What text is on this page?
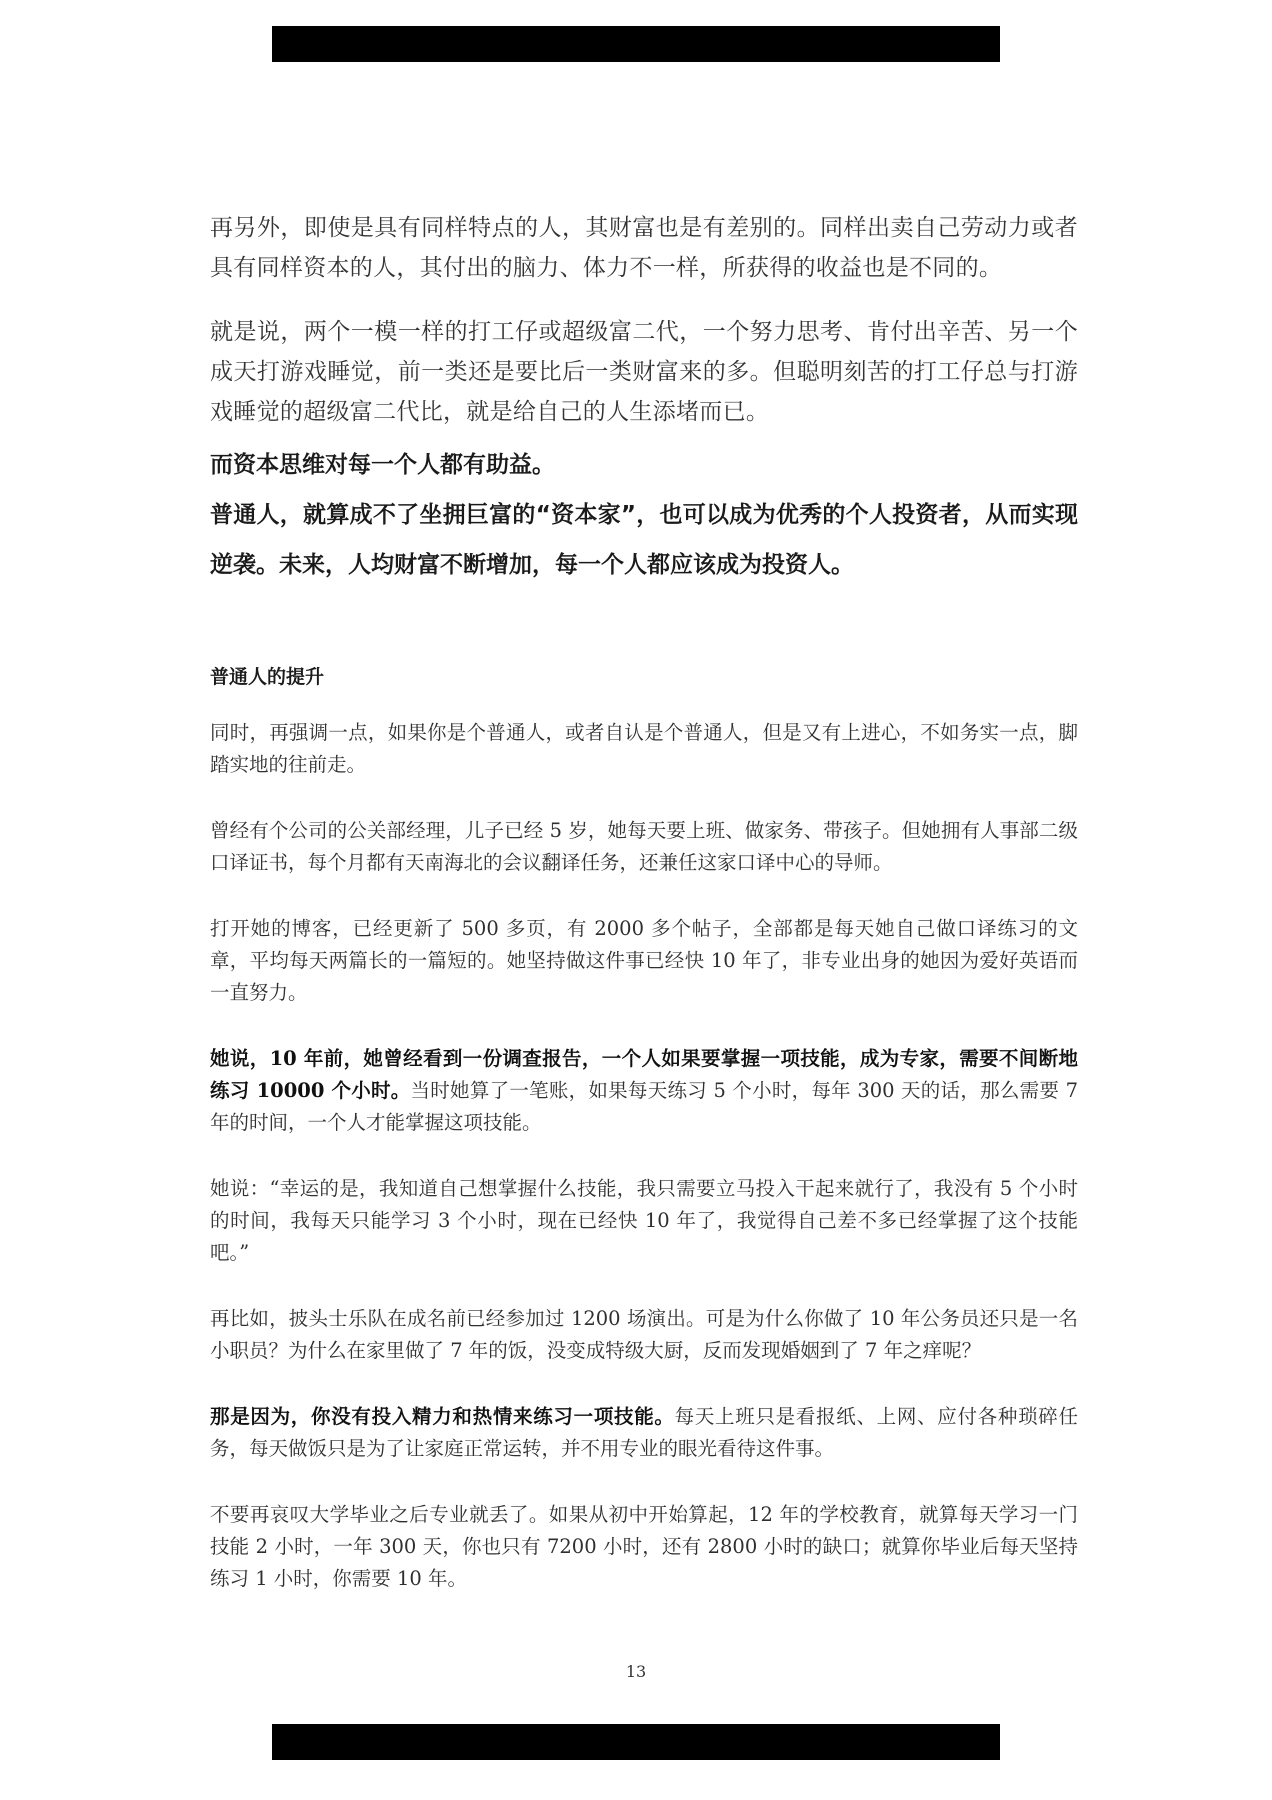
再另外，即使是具有同样特点的人，其财富也是有差别的。同样出卖自己劳动力或者具有同样资本的人，其付出的脑力、体力不一样，所获得的收益也是不同的。

就是说，两个一模一样的打工仔或超级富二代，一个努力思考、肯付出辛苦、另一个成天打游戏睡觉，前一类还是要比后一类财富来的多。但聪明刻苦的打工仔总与打游戏睡觉的超级富二代比，就是给自己的人生添堵而已。

而资本思维对每一个人都有助益。

普通人，就算成不了坐拥巨富的“资本家”，也可以成为优秀的个人投资者，从而实现逆袭。未来，人均财富不断增加，每一个人都应该成为投资人。

普通人的提升

同时，再强调一点，如果你是个普通人，或者自认是个普通人，但是又有上进心，不如务实一点，脚踏实地的往前走。

曾经有个公司的公关部经理，儿子已经 5 岁，她每天要上班、做家务、带孩子。但她拥有人事部二级口译证书，每个月都有天南海北的会议翻译任务，还兼任这家口译中心的导师。

打开她的博客，已经更新了 500 多页，有 2000 多个帖子，全部都是每天她自己做口译练习的文章，平均每天两篇长的一篇短的。她坚持做这件事已经快 10 年了，非专业出身的她因为爱好英语而一直努力。

她说，10 年前，她曾经看到一份调查报告，一个人如果要掌握一项技能，成为专家，需要不间断地练习 10000 个小时。当时她算了一笔账，如果每天练习 5 个小时，每年 300 天的话，那么需要 7 年的时间，一个人才能掌握这项技能。

她说：“幸运的是，我知道自己想掌握什么技能，我只需要立马投入干起来就行了，我没有 5 个小时的时间，我每天只能学习 3 个小时，现在已经快 10 年了，我觉得自己差不多已经掌握了这个技能吧。”

再比如，披头士乐队在成名前已经参加过 1200 场演出。可是为什么你做了 10 年公务员还只是一名小职员？为什么在家里做了 7 年的饭，没变成特级大厨，反而发现婚姻到了 7 年之痒呢？

那是因为，你没有投入精力和热情来练习一项技能。每天上班只是看报纸、上网、应付各种琐碎任务，每天做饭只是为了让家庭正常运转，并不用专业的眼光看待这件事。

不要再哀叹大学毕业之后专业就丢了。如果从初中开始算起，12 年的学校教育，就算每天学习一门技能 2 小时，一年 300 天，你也只有 7200 小时，还有 2800 小时的缺口；就算你毕业后每天坚持练习 1 小时，你需要 10 年。

13
